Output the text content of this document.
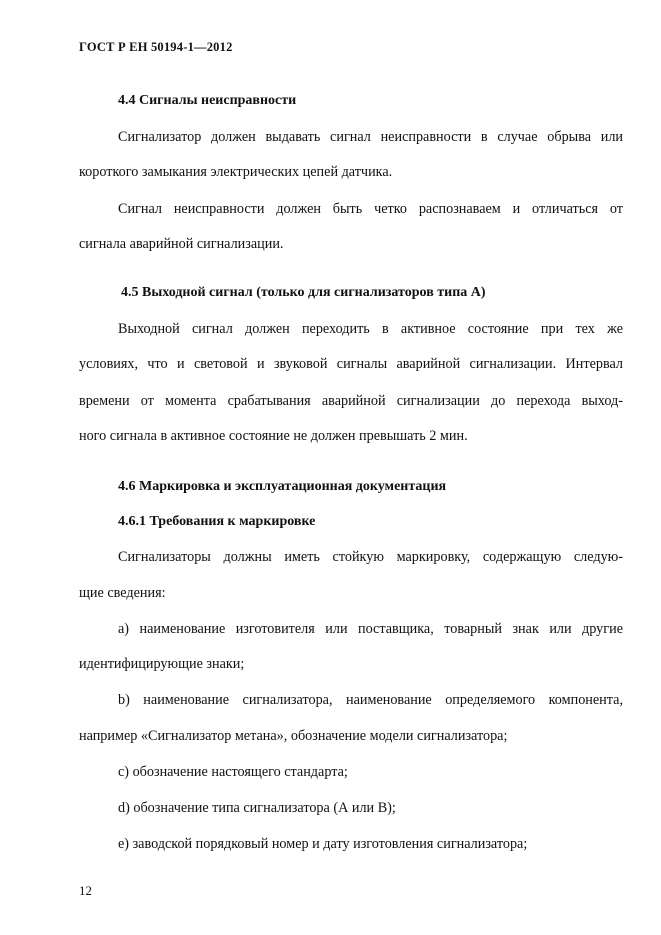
ГОСТ Р ЕН 50194-1—2012
4.4 Сигналы неисправности
Сигнализатор должен выдавать сигнал неисправности в случае обрыва или
короткого замыкания электрических цепей датчика.
Сигнал неисправности должен быть четко распознаваем и отличаться от
сигнала аварийной сигнализации.
4.5 Выходной сигнал (только для сигнализаторов типа А)
Выходной сигнал должен переходить в активное состояние при тех же
условиях, что и световой и звуковой сигналы аварийной сигнализации. Интервал
времени от момента срабатывания аварийной сигнализации до перехода выход-
ного сигнала в активное состояние не должен превышать 2 мин.
4.6 Маркировка и эксплуатационная документация
4.6.1 Требования к маркировке
Сигнализаторы должны иметь стойкую маркировку, содержащую следую-
щие сведения:
а) наименование изготовителя или поставщика, товарный знак или другие
идентифицирующие знаки;
b) наименование сигнализатора, наименование определяемого компонента,
например «Сигнализатор метана», обозначение модели сигнализатора;
с) обозначение настоящего стандарта;
d) обозначение типа сигнализатора (А или В);
е) заводской порядковый номер и дату изготовления сигнализатора;
12
